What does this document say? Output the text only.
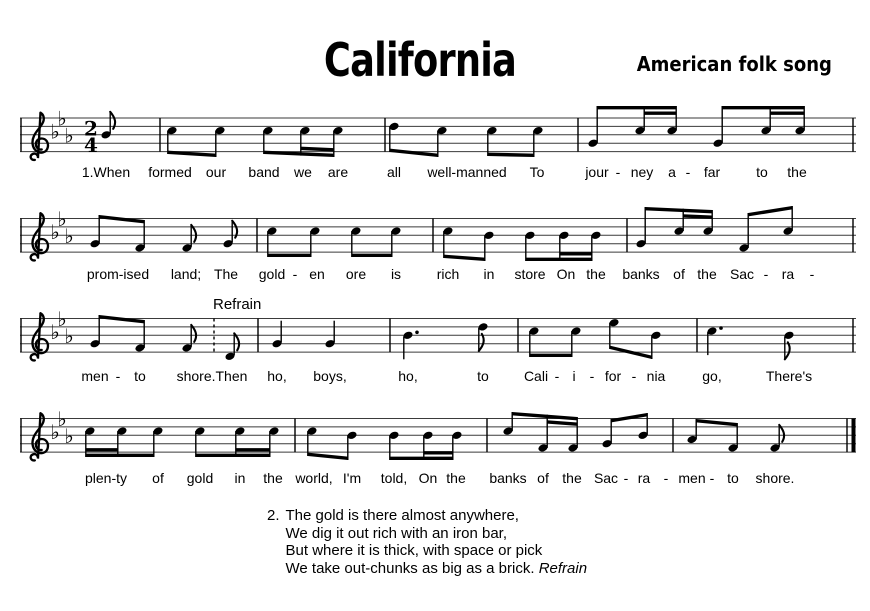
California	American folk song
♭
♭
♭ 2
4
♭
♭
♭
♭
♭
♭
♭
♭
♭
Refrain
1.When formed our band we are	all well-manned To	jour - ney a - far	to the
prom-ised land; The gold - en ore is	rich in store On the banks of the Sac - ra -
men - to shore.Then ho, boys,	ho,	to	Cali - i - for - nia	go,	There's
plen-ty of gold in the world, I'm told, On the banks of the Sac - ra - men - to shore.
2. The gold is there almost anywhere,
We dig it out rich with an iron bar,
But where it is thick, with space or pick
We take out-chunks as big as a brick. Refrain
